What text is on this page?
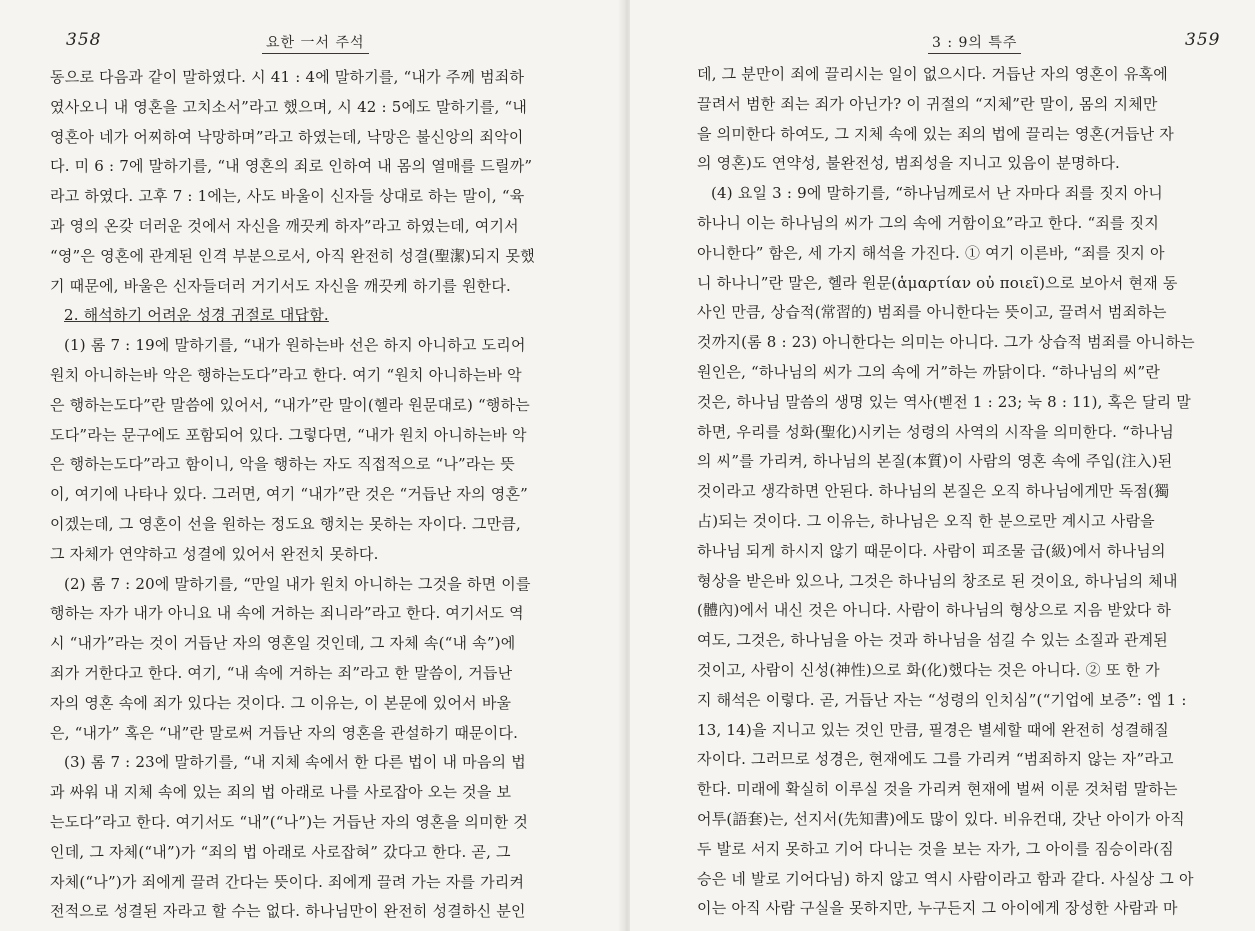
358	요한 一서 주석
동으로 다음과 같이 말하였다. 시 41 : 4에 말하기를, “내가 주께 범죄하
였사오니 내 영혼을 고치소서”라고 했으며, 시 42 : 5에도 말하기를, “내
영혼아 네가 어찌하여 낙망하며”라고 하였는데, 낙망은 불신앙의 죄악이
다. 미 6 : 7에 말하기를, “내 영혼의 죄로 인하여 내 몸의 열매를 드릴까”
라고 하였다. 고후 7 : 1에는, 사도 바울이 신자들 상대로 하는 말이, “육
과 영의 온갖 더러운 것에서 자신을 깨끗케 하자”라고 하였는데, 여기서
“영”은 영혼에 관계된 인격 부분으로서, 아직 완전히 성결(聖潔)되지 못했
기 때문에, 바울은 신자들더러 거기서도 자신을 깨끗케 하기를 원한다.
2. 해석하기 어려운 성경 귀절로 대답함.
(1) 롬 7 : 19에 말하기를, “내가 원하는바 선은 하지 아니하고 도리어
원치 아니하는바 악은 행하는도다”라고 한다. 여기 “원치 아니하는바 악
은 행하는도다”란 말씀에 있어서, “내가”란 말이(헬라 원문대로) “행하는
도다”라는 문구에도 포함되어 있다. 그렇다면, “내가 원치 아니하는바 악
은 행하는도다”라고 함이니, 악을 행하는 자도 직접적으로 “나”라는 뜻
이, 여기에 나타나 있다. 그러면, 여기 “내가”란 것은 “거듭난 자의 영혼”
이겠는데, 그 영혼이 선을 원하는 정도요 행치는 못하는 자이다. 그만큼,
그 자체가 연약하고 성결에 있어서 완전치 못하다.
(2) 롬 7 : 20에 말하기를, “만일 내가 원치 아니하는 그것을 하면 이를
행하는 자가 내가 아니요 내 속에 거하는 죄니라”라고 한다. 여기서도 역
시 “내가”라는 것이 거듭난 자의 영혼일 것인데, 그 자체 속(“내 속”)에
죄가 거한다고 한다. 여기, “내 속에 거하는 죄”라고 한 말씀이, 거듭난
자의 영혼 속에 죄가 있다는 것이다. 그 이유는, 이 본문에 있어서 바울
은, “내가” 혹은 “내”란 말로써 거듭난 자의 영혼을 관설하기 때문이다.
(3) 롬 7 : 23에 말하기를, “내 지체 속에서 한 다른 법이 내 마음의 법
과 싸워 내 지체 속에 있는 죄의 법 아래로 나를 사로잡아 오는 것을 보
는도다”라고 한다. 여기서도 “내”(“나”)는 거듭난 자의 영혼을 의미한 것
인데, 그 자체(“내”)가 “죄의 법 아래로 사로잡혀” 갔다고 한다. 곧, 그
자체(“나”)가 죄에게 끌려 간다는 뜻이다. 죄에게 끌려 가는 자를 가리켜
전적으로 성결된 자라고 할 수는 없다. 하나님만이 완전히 성결하신 분인
3 : 9의 특주	359
데, 그 분만이 죄에 끌리시는 일이 없으시다. 거듭난 자의 영혼이 유혹에
끌려서 범한 죄는 죄가 아닌가? 이 귀절의 “지체”란 말이, 몸의 지체만
을 의미한다 하여도, 그 지체 속에 있는 죄의 법에 끌리는 영혼(거듭난 자
의 영혼)도 연약성, 불완전성, 범죄성을 지니고 있음이 분명하다.
(4) 요일 3 : 9에 말하기를, “하나님께로서 난 자마다 죄를 짓지 아니
하나니 이는 하나님의 씨가 그의 속에 거함이요”라고 한다. “죄를 짓지
아니한다” 함은, 세 가지 해석을 가진다. ① 여기 이른바, “죄를 짓지 아
니 하나니”란 말은, 헬라 원문(ἁμαρτίαν οὐ ποιεῖ)으로 보아서 현재 동
사인 만큼, 상습적(常習的) 범죄를 아니한다는 뜻이고, 끌려서 범죄하는
것까지(롬 8 : 23) 아니한다는 의미는 아니다. 그가 상습적 범죄를 아니하는
원인은, “하나님의 씨가 그의 속에 거”하는 까닭이다. “하나님의 씨”란
것은, 하나님 말씀의 생명 있는 역사(벧전 1 : 23; 눅 8 : 11), 혹은 달리 말
하면, 우리를 성화(聖化)시키는 성령의 사역의 시작을 의미한다. “하나님
의 씨”를 가리켜, 하나님의 본질(本質)이 사람의 영혼 속에 주입(注入)된
것이라고 생각하면 안된다. 하나님의 본질은 오직 하나님에게만 독점(獨
占)되는 것이다. 그 이유는, 하나님은 오직 한 분으로만 계시고 사람을
하나님 되게 하시지 않기 때문이다. 사람이 피조물 급(級)에서 하나님의
형상을 받은바 있으나, 그것은 하나님의 창조로 된 것이요, 하나님의 체내
(體內)에서 내신 것은 아니다. 사람이 하나님의 형상으로 지음 받았다 하
여도, 그것은, 하나님을 아는 것과 하나님을 섬길 수 있는 소질과 관계된
것이고, 사람이 신성(神性)으로 화(化)했다는 것은 아니다. ② 또 한 가
지 해석은 이렇다. 곧, 거듭난 자는 “성령의 인치심”(“기업에 보증”: 엡 1 :
13, 14)을 지니고 있는 것인 만큼, 필경은 별세할 때에 완전히 성결해질
자이다. 그러므로 성경은, 현재에도 그를 가리켜 “범죄하지 않는 자”라고
한다. 미래에 확실히 이루실 것을 가리켜 현재에 벌써 이룬 것처럼 말하는
어투(語套)는, 선지서(先知書)에도 많이 있다. 비유컨대, 갓난 아이가 아직
두 발로 서지 못하고 기어 다니는 것을 보는 자가, 그 아이를 짐승이라(짐
승은 네 발로 기어다님) 하지 않고 역시 사람이라고 함과 같다. 사실상 그 아
이는 아직 사람 구실을 못하지만, 누구든지 그 아이에게 장성한 사람과 마
